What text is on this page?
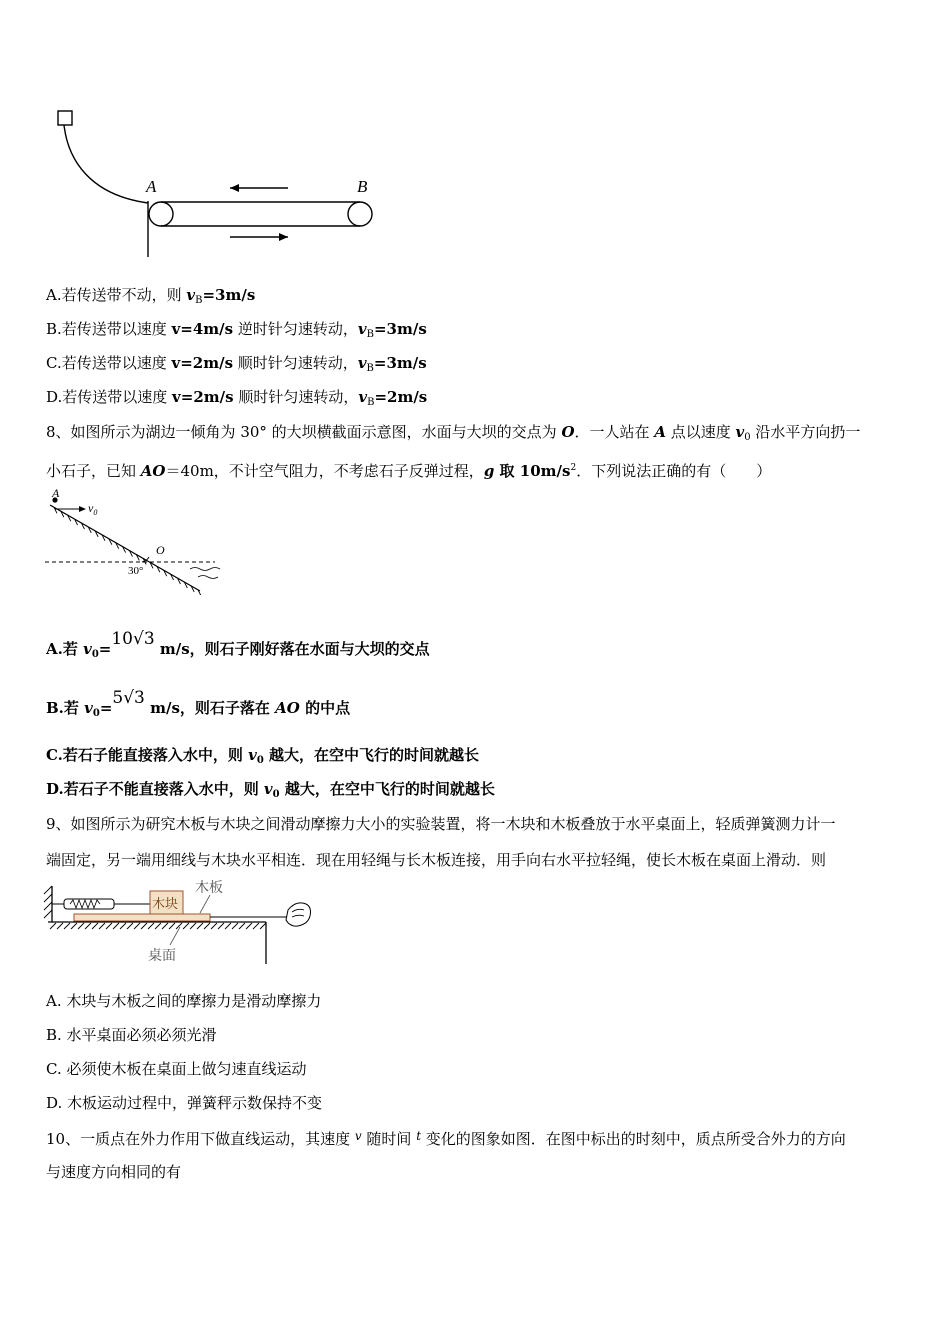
A	B
A.若传送带不动，则 $v_B=3m/s$
B.若传送带以速度 v=4m/s 逆时针匀速转动，$v_B=3m/s$
C.若传送带以速度 v=2m/s 顺时针匀速转动，$v_B=3m/s$
D.若传送带以速度 v=2m/s 顺时针匀速转动，$v_B=2m/s$
8、如图所示为湖边一倾角为 30° 的大坝横截面示意图，水面与大坝的交点为 O．一人站在 A 点以速度 $v_0$ 沿水平方向扔一
小石子，已知 AO＝40m，不计空气阻力，不考虑石子反弹过程，g 取 $10m/s^2$．下列说法正确的有（　　）
A
$v_0$
O
30°
A.若 $v_0=10√3$ m/s，则石子刚好落在水面与大坝的交点
B.若 $v_0=5√3$ m/s，则石子落在 AO 的中点
C.若石子能直接落入水中，则 $v_0$ 越大，在空中飞行的时间就越长
D.若石子不能直接落入水中，则 $v_0$ 越大，在空中飞行的时间就越长
9、如图所示为研究木板与木块之间滑动摩擦力大小的实验装置，将一木块和木板叠放于水平桌面上，轻质弹簧测力计一
端固定，另一端用细线与木块水平相连．现在用轻绳与长木板连接，用手向右水平拉轻绳，使长木板在桌面上滑动．则
木块
木板
桌面
A. 木块与木板之间的摩擦力是滑动摩擦力
B. 水平桌面必须必须光滑
C. 必须使木板在桌面上做匀速直线运动
D. 木板运动过程中，弹簧秤示数保持不变
10、一质点在外力作用下做直线运动，其速度 $^v$ 随时间 $^t$ 变化的图象如图．在图中标出的时刻中，质点所受合外力的方向
与速度方向相同的有
